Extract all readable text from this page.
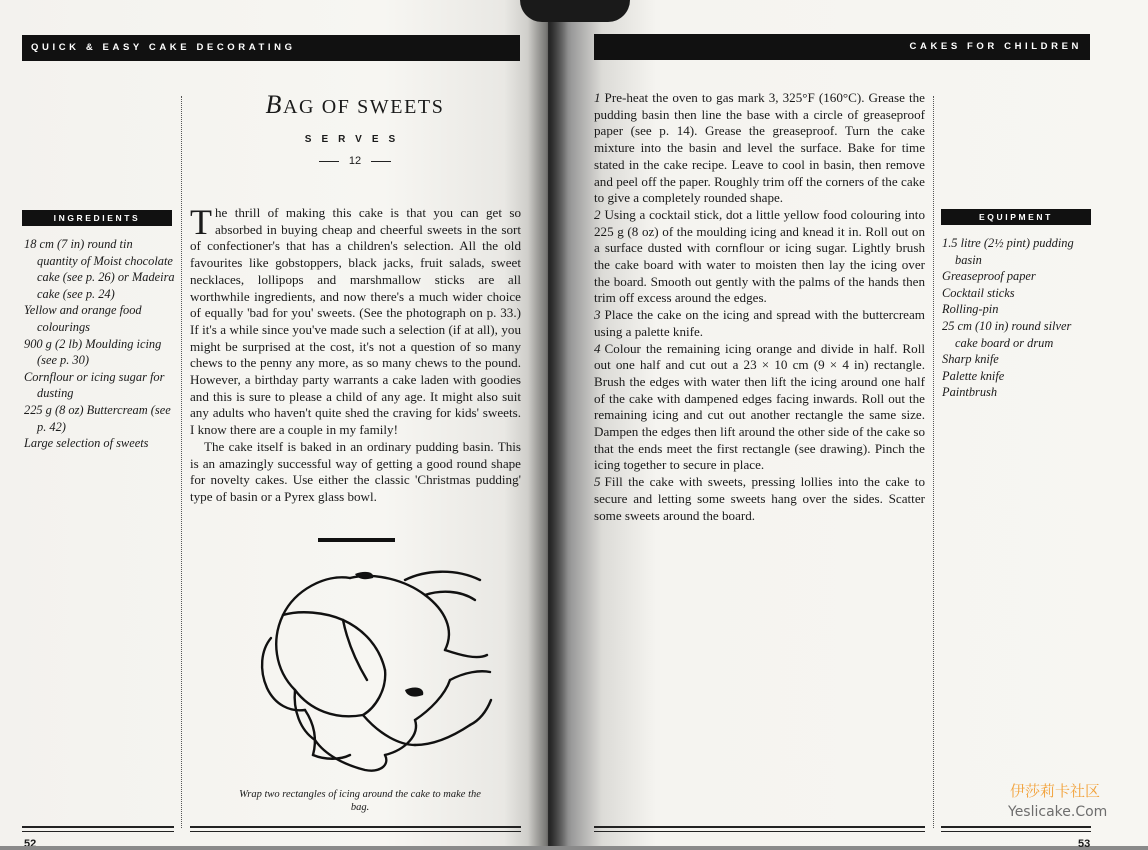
QUICK & EASY CAKE DECORATING
INGREDIENTS
18 cm (7 in) round tin quantity of Moist chocolate cake (see p. 26) or Madeira cake (see p. 24)
Yellow and orange food colourings
900 g (2 lb) Moulding icing (see p. 30)
Cornflour or icing sugar for dusting
225 g (8 oz) Buttercream (see p. 42)
Large selection of sweets
BAG OF SWEETS
SERVES
12

The thrill of making this cake is that you can get so absorbed in buying cheap and cheerful sweets in the sort of confectioner's that has a children's selection. All the old favourites like gobstoppers, black jacks, fruit salads, sweet necklaces, lollipops and marshmallow sticks are all worthwhile ingredients, and now there's a much wider choice of equally 'bad for you' sweets. (See the photograph on p. 33.) If it's a while since you've made such a selection (if at all), you might be surprised at the cost, it's not a question of so many chews to the penny any more, as so many chews to the pound. However, a birthday party warrants a cake laden with goodies and this is sure to please a child of any age. It might also suit any adults who haven't quite shed the craving for kids' sweets. I know there are a couple in my family!

The cake itself is baked in an ordinary pudding basin. This is an amazingly successful way of getting a good round shape for novelty cakes. Use either the classic 'Christmas pudding' type of basin or a Pyrex glass bowl.

Wrap two rectangles of icing around the cake to make the bag.
52
CAKES FOR CHILDREN

1 Pre-heat the oven to gas mark 3, 325°F (160°C). Grease the pudding basin then line the base with a circle of greaseproof paper (see p. 14). Grease the greaseproof. Turn the cake mixture into the basin and level the surface. Bake for time stated in the cake recipe. Leave to cool in basin, then remove and peel off the paper. Roughly trim off the corners of the cake to give a completely rounded shape.

2 Using a cocktail stick, dot a little yellow food colouring into 225 g (8 oz) of the moulding icing and knead it in. Roll out on a surface dusted with cornflour or icing sugar. Lightly brush the cake board with water to moisten then lay the icing over the board. Smooth out gently with the palms of the hands then trim off excess around the edges.

3 Place the cake on the icing and spread with the buttercream using a palette knife.

4 Colour the remaining icing orange and divide in half. Roll out one half and cut out a 23 × 10 cm (9 × 4 in) rectangle. Brush the edges with water then lift the icing around one half of the cake with dampened edges facing inwards. Roll out the remaining icing and cut out another rectangle the same size. Dampen the edges then lift around the other side of the cake so that the ends meet the first rectangle (see drawing). Pinch the icing together to secure in place.

5 Fill the cake with sweets, pressing lollies into the cake to secure and letting some sweets hang over the sides. Scatter some sweets around the board.

EQUIPMENT
1.5 litre (2½ pint) pudding basin
Greaseproof paper
Cocktail sticks
Rolling-pin
25 cm (10 in) round silver cake board or drum
Sharp knife
Palette knife
Paintbrush
53
伊莎莉卡社区
Yeslicake.Com
